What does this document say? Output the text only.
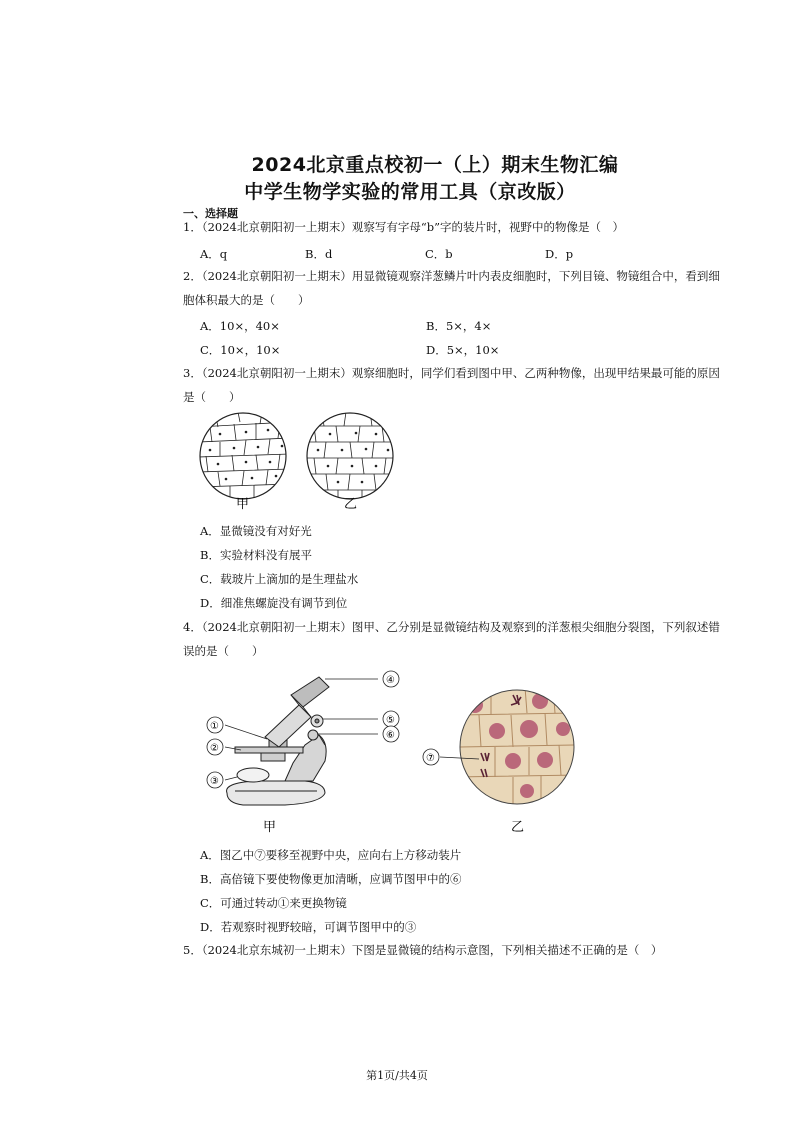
2024北京重点校初一（上）期末生物汇编
中学生物学实验的常用工具（京改版）
一、选择题
1．（2024北京朝阳初一上期末）观察写有字母“b”字的装片时，视野中的物像是（　）
A．q	B．d	C．b	D．p
2．（2024北京朝阳初一上期末）用显微镜观察洋葱鳞片叶内表皮细胞时，下列目镜、物镜组合中，看到细
胞体积最大的是（　　）
A．10×，40×	B．5×，4×
C．10×，10×	D．5×，10×
3．（2024北京朝阳初一上期末）观察细胞时，同学们看到图中甲、乙两种物像，出现甲结果最可能的原因
是（　　）
甲	乙
A．显微镜没有对好光
B．实验材料没有展平
C．载玻片上滴加的是生理盐水
D．细准焦螺旋没有调节到位
4．（2024北京朝阳初一上期末）图甲、乙分别是显微镜结构及观察到的洋葱根尖细胞分裂图，下列叙述错
误的是（　　）
④
⑤
⑥
①
②
③
⑦
甲	乙
A．图乙中⑦要移至视野中央，应向右上方移动装片
B．高倍镜下要使物像更加清晰，应调节图甲中的⑥
C．可通过转动①来更换物镜
D．若观察时视野较暗，可调节图甲中的③
5．（2024北京东城初一上期末）下图是显微镜的结构示意图，下列相关描述不正确的是（　）
第1页/共4页
